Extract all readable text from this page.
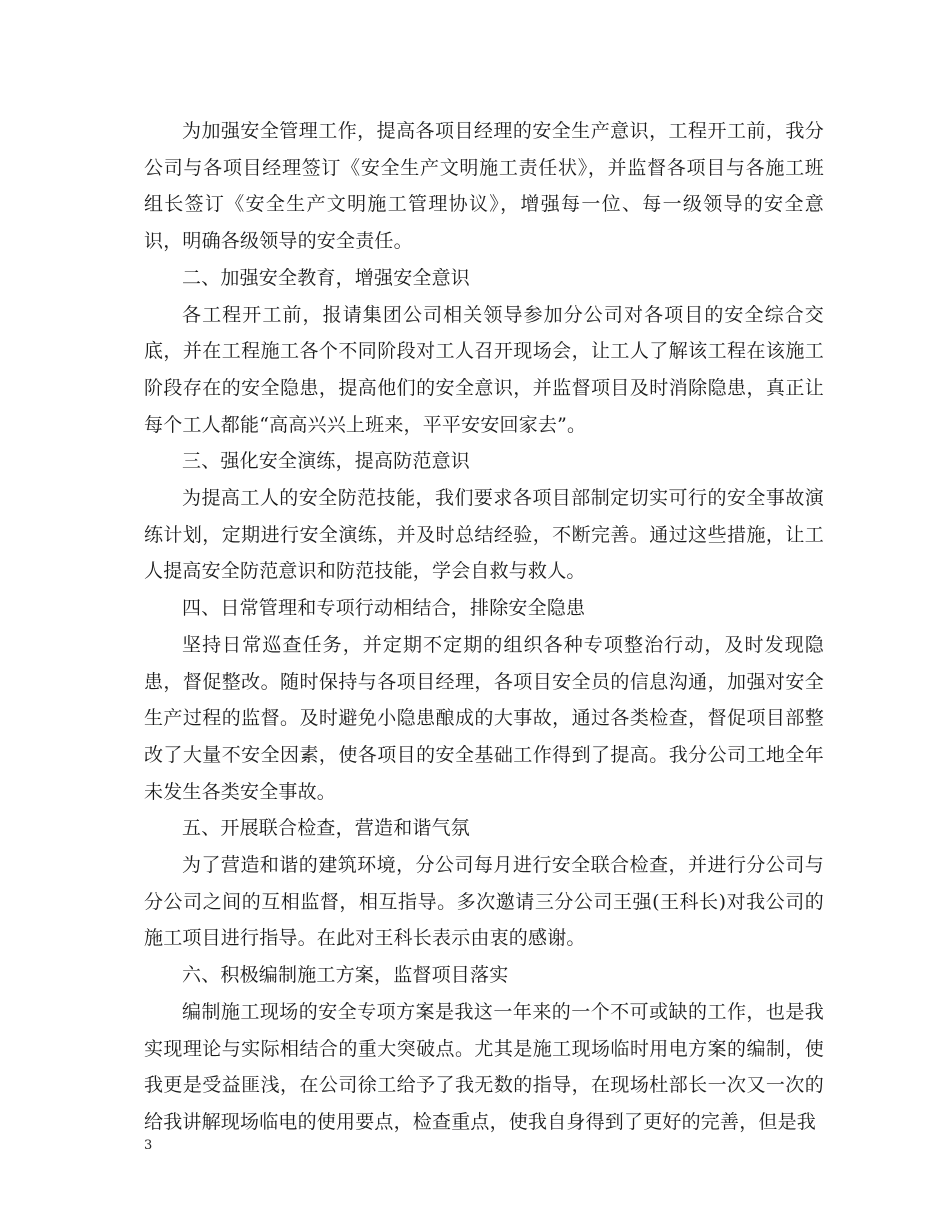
为加强安全管理工作，提高各项目经理的安全生产意识，工程开工前，我分公司与各项目经理签订《安全生产文明施工责任状》，并监督各项目与各施工班组长签订《安全生产文明施工管理协议》，增强每一位、每一级领导的安全意识，明确各级领导的安全责任。

二、加强安全教育，增强安全意识

各工程开工前，报请集团公司相关领导参加分公司对各项目的安全综合交底，并在工程施工各个不同阶段对工人召开现场会，让工人了解该工程在该施工阶段存在的安全隐患，提高他们的安全意识，并监督项目及时消除隐患，真正让每个工人都能“高高兴兴上班来，平平安安回家去”。

三、强化安全演练，提高防范意识

为提高工人的安全防范技能，我们要求各项目部制定切实可行的安全事故演练计划，定期进行安全演练，并及时总结经验，不断完善。通过这些措施，让工人提高安全防范意识和防范技能，学会自救与救人。

四、日常管理和专项行动相结合，排除安全隐患

坚持日常巡查任务，并定期不定期的组织各种专项整治行动，及时发现隐患，督促整改。随时保持与各项目经理，各项目安全员的信息沟通，加强对安全生产过程的监督。及时避免小隐患酿成的大事故，通过各类检查，督促项目部整改了大量不安全因素，使各项目的安全基础工作得到了提高。我分公司工地全年未发生各类安全事故。

五、开展联合检查，营造和谐气氛

为了营造和谐的建筑环境，分公司每月进行安全联合检查，并进行分公司与分公司之间的互相监督，相互指导。多次邀请三分公司王强(王科长)对我公司的施工项目进行指导。在此对王科长表示由衷的感谢。

六、积极编制施工方案，监督项目落实

编制施工现场的安全专项方案是我这一年来的一个不可或缺的工作，也是我实现理论与实际相结合的重大突破点。尤其是施工现场临时用电方案的编制，使我更是受益匪浅，在公司徐工给予了我无数的指导，在现场杜部长一次又一次的给我讲解现场临电的使用要点，检查重点，使我自身得到了更好的完善，但是我

3
